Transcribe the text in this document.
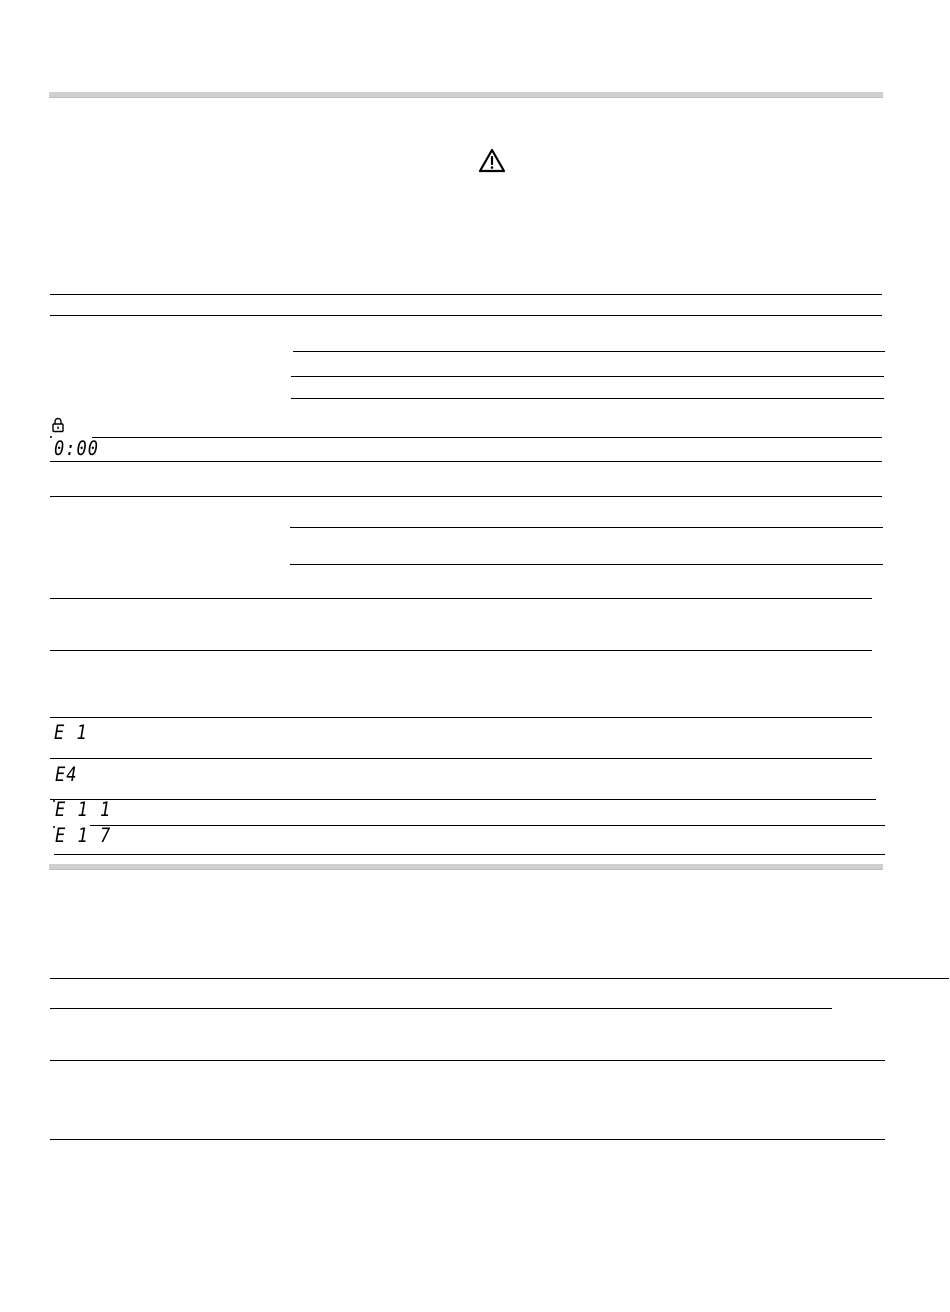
0:00
E 1
E4
E 1 1
E 1 7
